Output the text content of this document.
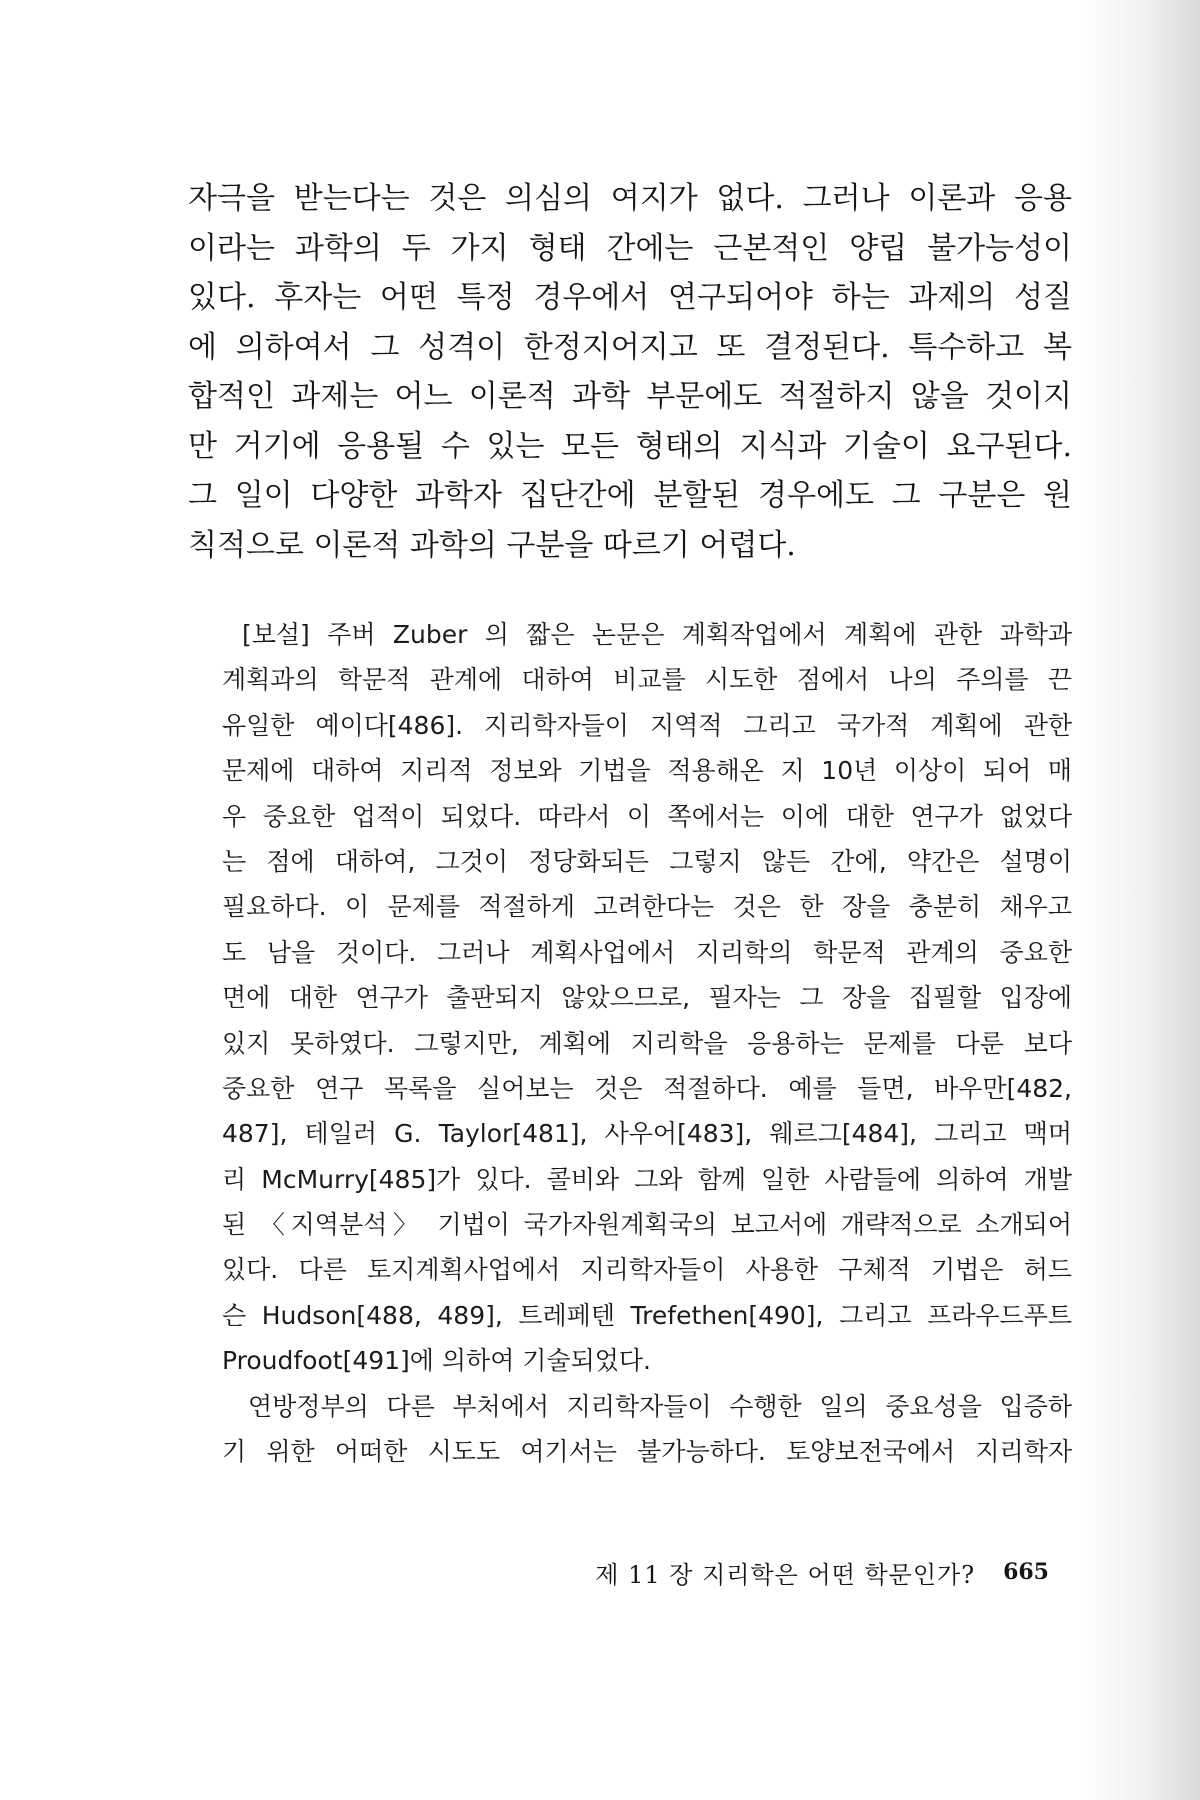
자극을 받는다는 것은 의심의 여지가 없다. 그러나 이론과 응용
이라는 과학의 두 가지 형태 간에는 근본적인 양립 불가능성이
있다. 후자는 어떤 특정 경우에서 연구되어야 하는 과제의 성질
에 의하여서 그 성격이 한정지어지고 또 결정된다. 특수하고 복
합적인 과제는 어느 이론적 과학 부문에도 적절하지 않을 것이지
만 거기에 응용될 수 있는 모든 형태의 지식과 기술이 요구된다.
그 일이 다양한 과학자 집단간에 분할된 경우에도 그 구분은 원
칙적으로 이론적 과학의 구분을 따르기 어렵다.
[보설] 주버 Zuber 의 짧은 논문은 계획작업에서 계획에 관한 과학과
계획과의 학문적 관계에 대하여 비교를 시도한 점에서 나의 주의를 끈
유일한 예이다[486]. 지리학자들이 지역적 그리고 국가적 계획에 관한
문제에 대하여 지리적 정보와 기법을 적용해온 지 10년 이상이 되어 매
우 중요한 업적이 되었다. 따라서 이 쪽에서는 이에 대한 연구가 없었다
는 점에 대하여, 그것이 정당화되든 그렇지 않든 간에, 약간은 설명이
필요하다. 이 문제를 적절하게 고려한다는 것은 한 장을 충분히 채우고
도 남을 것이다. 그러나 계획사업에서 지리학의 학문적 관계의 중요한
면에 대한 연구가 출판되지 않았으므로, 필자는 그 장을 집필할 입장에
있지 못하였다. 그렇지만, 계획에 지리학을 응용하는 문제를 다룬 보다
중요한 연구 목록을 실어보는 것은 적절하다. 예를 들면, 바우만[482,
487], 테일러 G. Taylor[481], 사우어[483], 웨르그[484], 그리고 맥머
리 McMurry[485]가 있다. 콜비와 그와 함께 일한 사람들에 의하여 개발
된 〈지역분석〉 기법이 국가자원계획국의 보고서에 개략적으로 소개되어
있다. 다른 토지계획사업에서 지리학자들이 사용한 구체적 기법은 허드
슨 Hudson[488, 489], 트레페텐 Trefethen[490], 그리고 프라우드푸트
Proudfoot[491]에 의하여 기술되었다.
연방정부의 다른 부처에서 지리학자들이 수행한 일의 중요성을 입증하
기 위한 어떠한 시도도 여기서는 불가능하다. 토양보전국에서 지리학자
제 11 장 지리학은 어떤 학문인가? 665
